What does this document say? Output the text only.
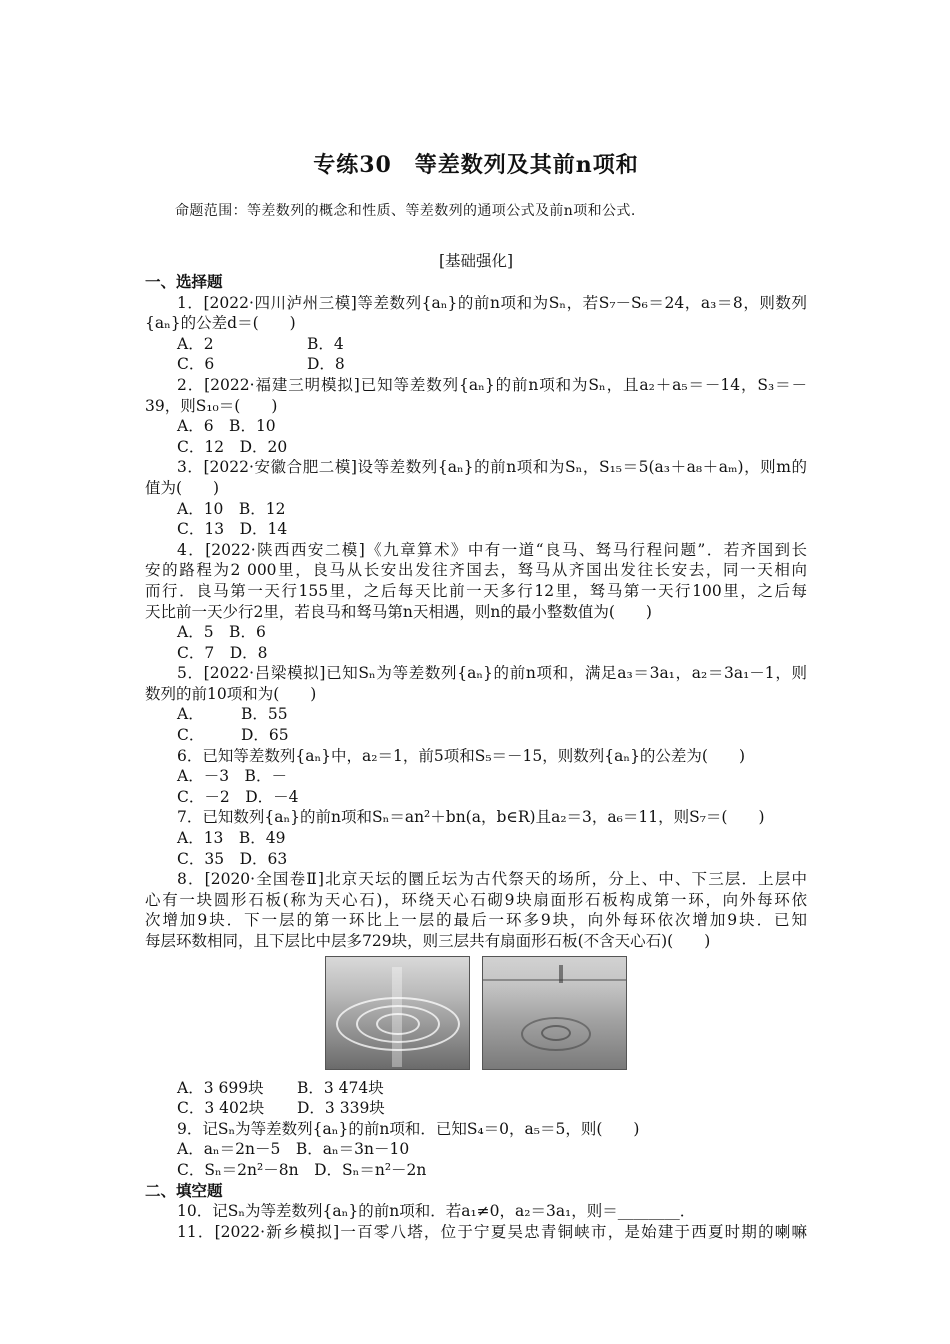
专练30　等差数列及其前n项和
命题范围：等差数列的概念和性质、等差数列的通项公式及前n项和公式.
[基础强化]
一、选择题
1．[2022·四川泸州三模]等差数列{aₙ}的前n项和为Sₙ，若S₇－S₆＝24，a₃＝8，则数列
{aₙ}的公差d＝(　　)
A．2	B．4
C．6	D．8
2．[2022·福建三明模拟]已知等差数列{aₙ}的前n项和为Sₙ，且a₂＋a₅＝－14，S₃＝－
39，则S₁₀＝(　　)
A．6　B．10
C．12　D．20
3．[2022·安徽合肥二模]设等差数列{aₙ}的前n项和为Sₙ，S₁₅＝5(a₃＋a₈＋aₘ)，则m的
值为(　　)
A．10　B．12
C．13　D．14
4．[2022·陕西西安二模]《九章算术》中有一道“良马、驽马行程问题”．若齐国到长
安的路程为2 000里，良马从长安出发往齐国去，驽马从齐国出发往长安去，同一天相向
而行．良马第一天行155里，之后每天比前一天多行12里，驽马第一天行100里，之后每
天比前一天少行2里，若良马和驽马第n天相遇，则n的最小整数值为(　　)
A．5　B．6
C．7　D．8
5．[2022·吕梁模拟]已知Sₙ为等差数列{aₙ}的前n项和，满足a₃＝3a₁，a₂＝3a₁－1，则
数列的前10项和为(　　)
A． B．55
C． D．65
6．已知等差数列{aₙ}中，a₂＝1，前5项和S₅＝－15，则数列{aₙ}的公差为(　　)
A．－3　B．－
C．－2　D．－4
7．已知数列{aₙ}的前n项和Sₙ＝an²＋bn(a，b∈R)且a₂＝3，a₆＝11，则S₇＝(　　)
A．13　B．49
C．35　D．63
8．[2020·全国卷Ⅱ]北京天坛的圜丘坛为古代祭天的场所，分上、中、下三层．上层中
心有一块圆形石板(称为天心石)，环绕天心石砌9块扇面形石板构成第一环，向外每环依
次增加9块．下一层的第一环比上一层的最后一环多9块，向外每环依次增加9块．已知
每层环数相同，且下层比中层多729块，则三层共有扇面形石板(不含天心石)(　　)
A．3 699块 B．3 474块
C．3 402块 D．3 339块
9．记Sₙ为等差数列{aₙ}的前n项和．已知S₄＝0，a₅＝5，则(　　)
A．aₙ＝2n－5　B．aₙ＝3n－10
C．Sₙ＝2n²－8n　D．Sₙ＝n²－2n
二、填空题
10．记Sₙ为等差数列{aₙ}的前n项和．若a₁≠0，a₂＝3a₁，则＝________．
11．[2022·新乡模拟]一百零八塔，位于宁夏吴忠青铜峡市，是始建于西夏时期的喇嘛
